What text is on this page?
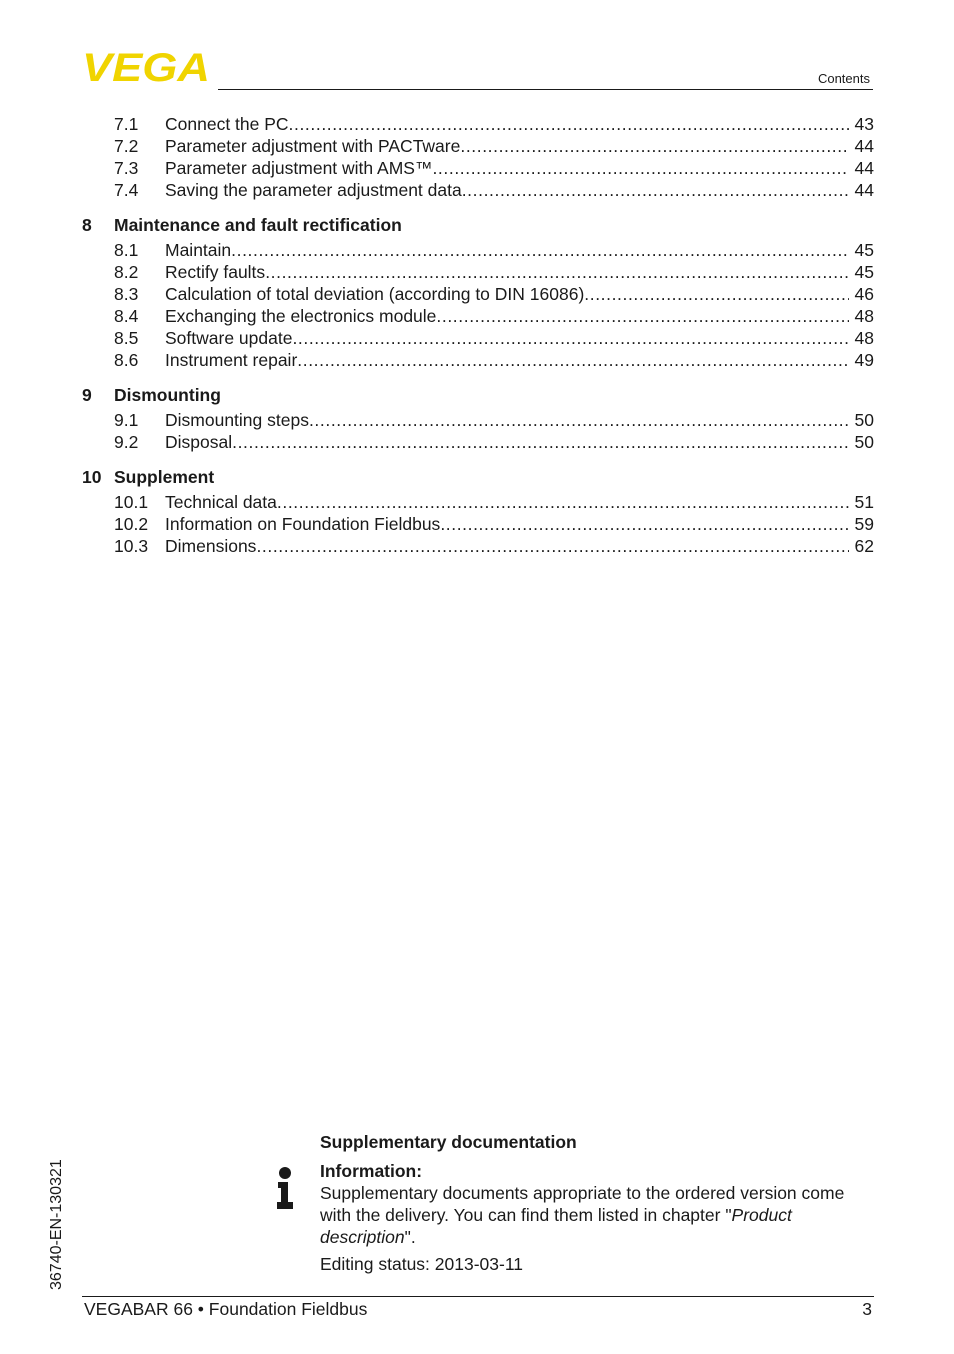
VEGA	Contents
7.1	Connect the PC .....	43
7.2	Parameter adjustment with PACTware .....	44
7.3	Parameter adjustment with AMS™ .....	44
7.4	Saving the parameter adjustment data .....	44
8	Maintenance and fault rectification
8.1	Maintain .....	45
8.2	Rectify faults .....	45
8.3	Calculation of total deviation (according to DIN 16086) .....	46
8.4	Exchanging the electronics module .....	48
8.5	Software update .....	48
8.6	Instrument repair .....	49
9	Dismounting
9.1	Dismounting steps .....	50
9.2	Disposal .....	50
10 Supplement
10.1 Technical data .....	51
10.2 Information on Foundation Fieldbus .....	59
10.3 Dimensions .....	62
36740-EN-130321
Supplementary documentation
Information:
Supplementary documents appropriate to the ordered version come with the delivery. You can find them listed in chapter "Product description".
Editing status: 2013-03-11
VEGABAR 66 • Foundation Fieldbus	3
